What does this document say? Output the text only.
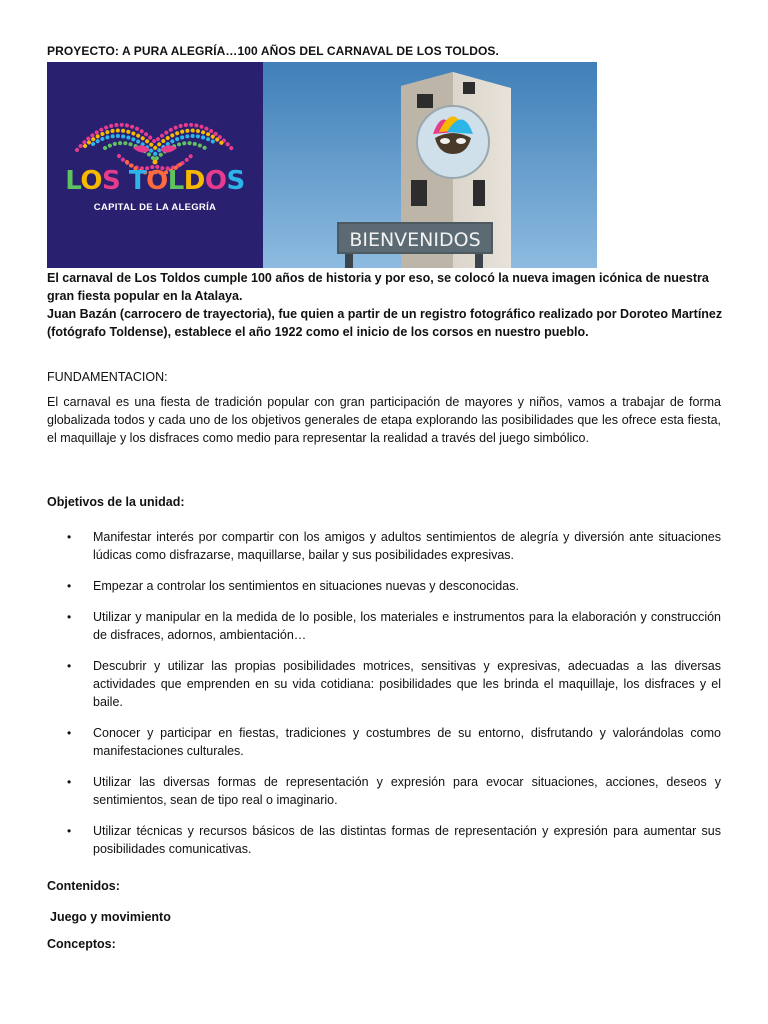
PROYECTO: A PURA ALEGRÍA…100 AÑOS DEL CARNAVAL DE LOS TOLDOS.
LOS TOLDOS
CAPITAL DE LA ALEGRÍA
BIENVENIDOS

El carnaval de Los Toldos cumple 100 años de historia y por eso, se colocó la nueva imagen icónica de nuestra gran fiesta popular en la Atalaya.

Juan Bazán (carrocero de trayectoria), fue quien a partir de un registro fotográfico realizado por Doroteo Martínez (fotógrafo Toldense), establece el año 1922 como el inicio de los corsos en nuestro pueblo.

FUNDAMENTACION:
El carnaval es una fiesta de tradición popular con gran participación de mayores y niños, vamos a trabajar de forma globalizada todos y cada uno de los objetivos generales de etapa explorando las posibilidades que les ofrece esta fiesta, el maquillaje y los disfraces como medio para representar la realidad a través del juego simbólico.
Objetivos de la unidad:
• Manifestar interés por compartir con los amigos y adultos sentimientos de alegría y diversión ante situaciones lúdicas como disfrazarse, maquillarse, bailar y sus posibilidades expresivas.
• Empezar a controlar los sentimientos en situaciones nuevas y desconocidas.
• Utilizar y manipular en la medida de lo posible, los materiales e instrumentos para la elaboración y construcción de disfraces, adornos, ambientación…
• Descubrir y utilizar las propias posibilidades motrices, sensitivas y expresivas, adecuadas a las diversas actividades que emprenden en su vida cotidiana: posibilidades que les brinda el maquillaje, los disfraces y el baile.
• Conocer y participar en fiestas, tradiciones y costumbres de su entorno, disfrutando y valorándolas como manifestaciones culturales.
• Utilizar las diversas formas de representación y expresión para evocar situaciones, acciones, deseos y sentimientos, sean de tipo real o imaginario.
• Utilizar técnicas y recursos básicos de las distintas formas de representación y expresión para aumentar sus posibilidades comunicativas.
Contenidos:
Juego y movimiento
Conceptos:
